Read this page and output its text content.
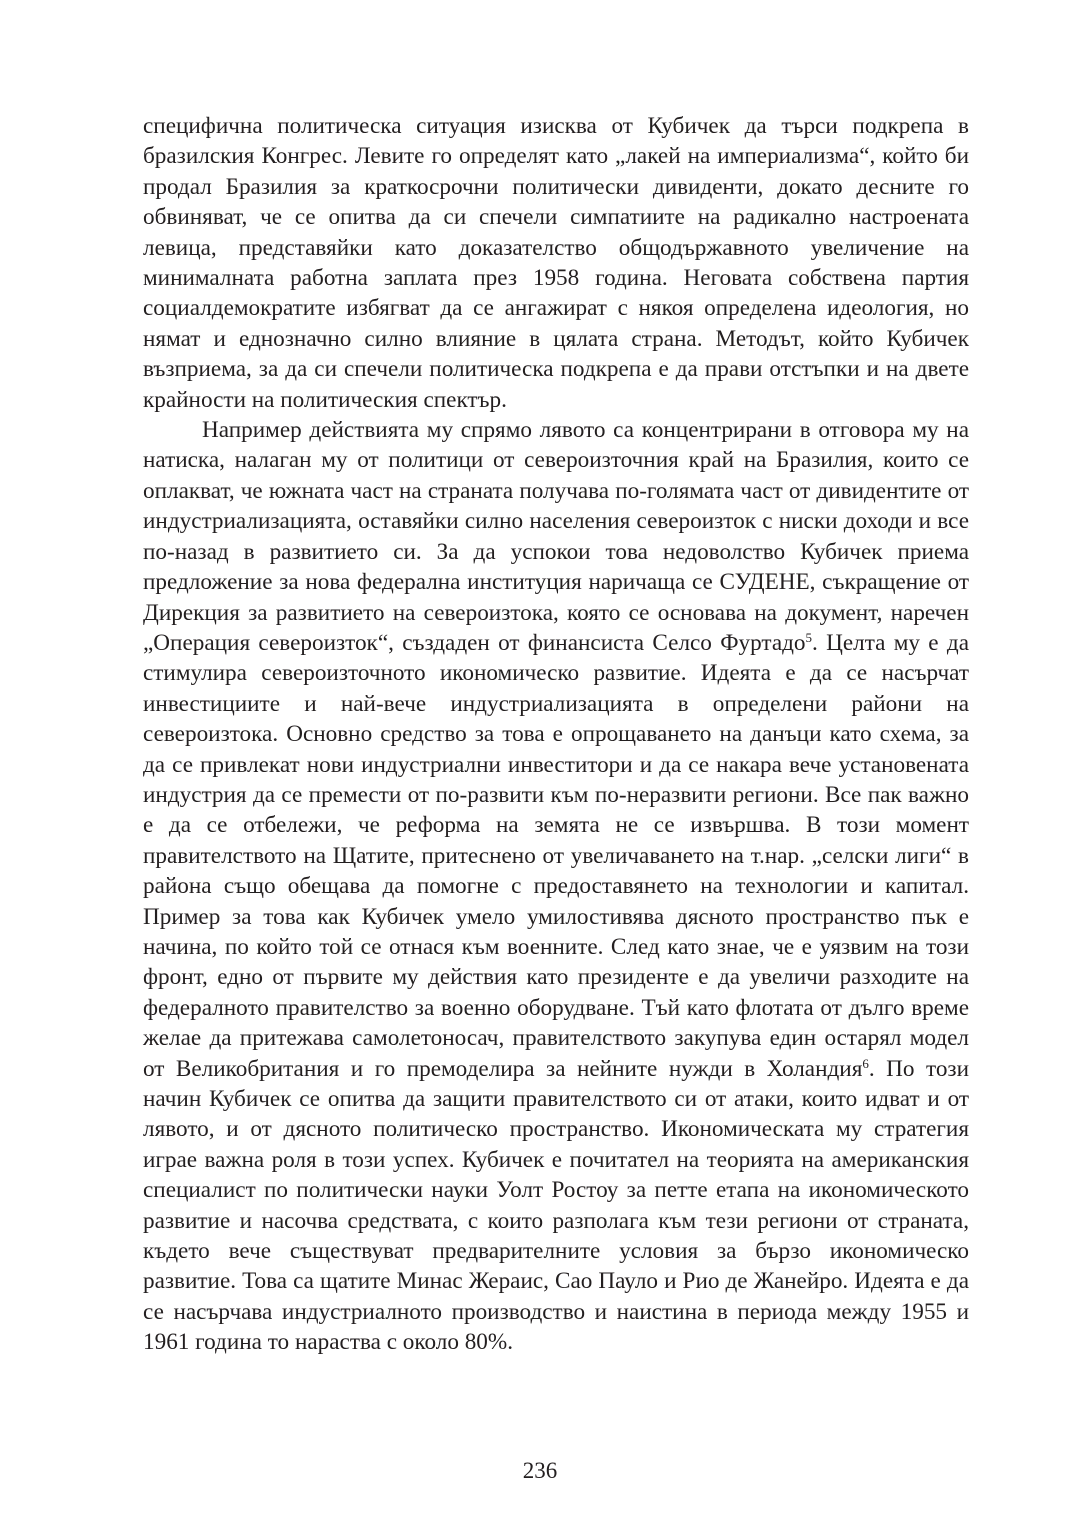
специфична политическа ситуация изисква от Кубичек да търси подкрепа в бразилския Конгрес. Левите го определят като „лакей на империализма“, който би продал Бразилия за краткосрочни политически дивиденти, докато десните го обвиняват, че се опитва да си спечели симпатиите на радикално настроената левица, представяйки като доказателство общодържавното увеличение на минималната работна заплата през 1958 година. Неговата собствена партия социалдемократите избягват да се ангажират с някоя определена идеология, но нямат и еднозначно силно влияние в цялата страна. Методът, който Кубичек възприема, за да си спечели политическа подкрепа е да прави отстъпки и на двете крайности на политическия спектър.

Например действията му спрямо лявото са концентрирани в отговора му на натиска, налаган му от политици от североизточния край на Бразилия, които се оплакват, че южната част на страната получава по-голямата част от дивидентите от индустриализацията, оставяйки силно населения североизток с ниски доходи и все по-назад в развитието си. За да успокои това недоволство Кубичек приема предложение за нова федерална институция наричаща се СУДЕНЕ, съкращение от Дирекция за развитието на североизтока, която се основава на документ, наречен „Операция североизток“, създаден от финансиста Селсо Фуртадо$^5$. Целта му е да стимулира североизточното икономическо развитие. Идеята е да се насърчат инвестициите и най-вече индустриализацията в определени райони на североизтока. Основно средство за това е опрощаването на данъци като схема, за да се привлекат нови индустриални инвеститори и да се накара вече установената индустрия да се премести от по-развити към по-неразвити региони. Все пак важно е да се отбележи, че реформа на земята не се извършва. В този момент правителството на Щатите, притеснено от увеличаването на т.нар. „селски лиги“ в района също обещава да помогне с предоставянето на технологии и капитал. Пример за това как Кубичек умело умилостивява дясното пространство пък е начина, по който той се отнася към военните. След като знае, че е уязвим на този фронт, едно от първите му действия като президенте е да увеличи разходите на федералното правителство за военно оборудване. Тъй като флотата от дълго време желае да притежава самолетоносач, правителството закупува един остарял модел от Великобритания и го премоделира за нейните нужди в Холандия$^6$. По този начин Кубичек се опитва да защити правителството си от атаки, които идват и от лявото, и от дясното политическо пространство. Икономическата му стратегия играе важна роля в този успех. Кубичек е почитател на теорията на американския специалист по политически науки Уолт Ростоу за петте етапа на икономическото развитие и насочва средствата, с които разполага към тези региони от страната, където вече съществуват предварителните условия за бързо икономическо развитие. Това са щатите Минас Жераис, Сао Пауло и Рио де Жанейро. Идеята е да се насърчава индустриалното производство и наистина в периода между 1955 и 1961 година то нараства с около 80%.

236
